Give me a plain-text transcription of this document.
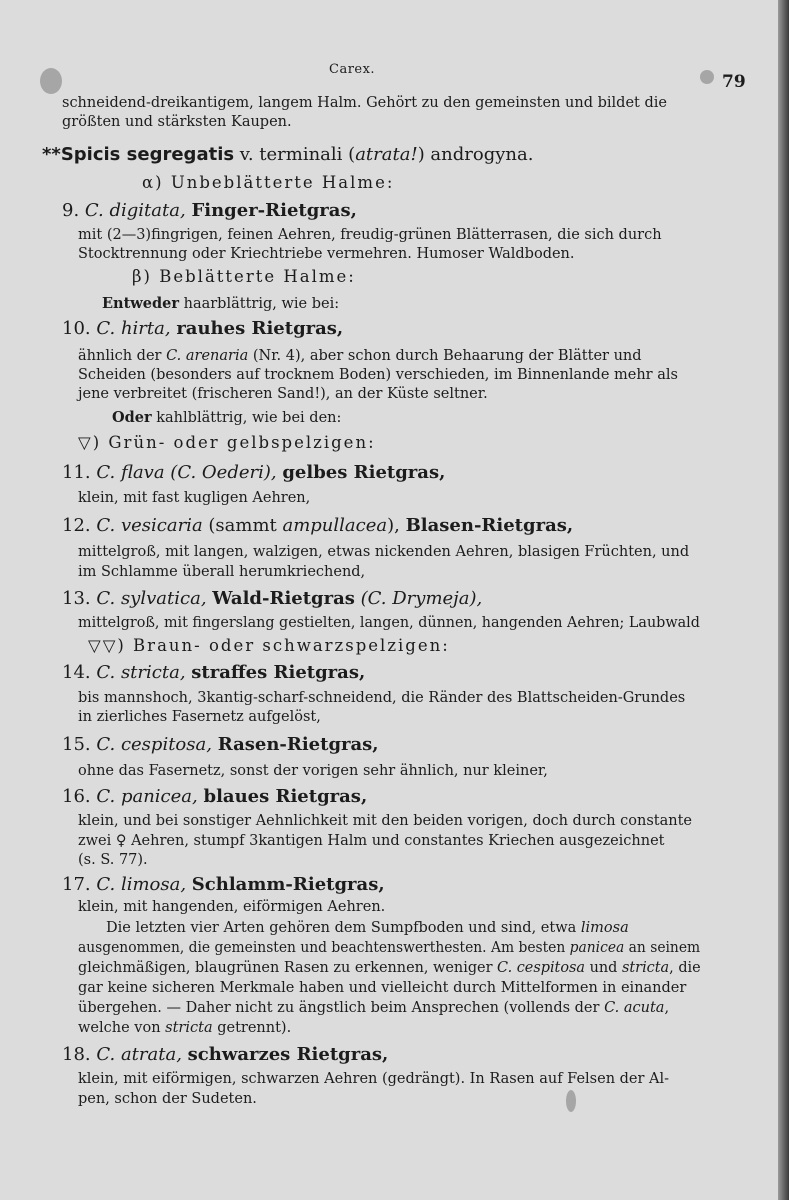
Carex.
79
schneidend-dreikantigem, langem Halm. Gehört zu den gemeinsten und bildet die
größten und stärksten Kaupen.
**Spicis segregatis v. terminali (atrata!) androgyna.
α) Unbeblätterte Halme:
9. C. digitata, Finger-Rietgras,
mit (2—3)fingrigen, feinen Aehren, freudig-grünen Blätterrasen, die sich durch
Stocktrennung oder Kriechtriebe vermehren. Humoser Waldboden.
β) Beblätterte Halme:
Entweder haarblättrig, wie bei:
10. C. hirta, rauhes Rietgras,
ähnlich der C. arenaria (Nr. 4), aber schon durch Behaarung der Blätter und
Scheiden (besonders auf trocknem Boden) verschieden, im Binnenlande mehr als
jene verbreitet (frischeren Sand!), an der Küste seltner.
Oder kahlblättrig, wie bei den:
▽) Grün- oder gelbspelzigen:
11. C. flava (C. Oederi), gelbes Rietgras,
klein, mit fast kugligen Aehren,
12. C. vesicaria (sammt ampullacea), Blasen-Rietgras,
mittelgroß, mit langen, walzigen, etwas nickenden Aehren, blasigen Früchten, und
im Schlamme überall herumkriechend,
13. C. sylvatica, Wald-Rietgras (C. Drymeja),
mittelgroß, mit fingerslang gestielten, langen, dünnen, hangenden Aehren; Laubwald
▽▽) Braun- oder schwarzspelzigen:
14. C. stricta, straffes Rietgras,
bis mannshoch, 3kantig-scharf-schneidend, die Ränder des Blattscheiden-Grundes
in zierliches Fasernetz aufgelöst,
15. C. cespitosa, Rasen-Rietgras,
ohne das Fasernetz, sonst der vorigen sehr ähnlich, nur kleiner,
16. C. panicea, blaues Rietgras,
klein, und bei sonstiger Aehnlichkeit mit den beiden vorigen, doch durch constante
zwei ♀ Aehren, stumpf 3kantigen Halm und constantes Kriechen ausgezeichnet
(s. S. 77).
17. C. limosa, Schlamm-Rietgras,
klein, mit hangenden, eiförmigen Aehren.
Die letzten vier Arten gehören dem Sumpfboden und sind, etwa limosa
ausgenommen, die gemeinsten und beachtenswerthesten. Am besten panicea an seinem
gleichmäßigen, blaugrünen Rasen zu erkennen, weniger C. cespitosa und stricta, die
gar keine sicheren Merkmale haben und vielleicht durch Mittelformen in einander
übergehen. — Daher nicht zu ängstlich beim Ansprechen (vollends der C. acuta,
welche von stricta getrennt).
18. C. atrata, schwarzes Rietgras,
klein, mit eiförmigen, schwarzen Aehren (gedrängt). In Rasen auf Felsen der Al-
pen, schon der Sudeten.
